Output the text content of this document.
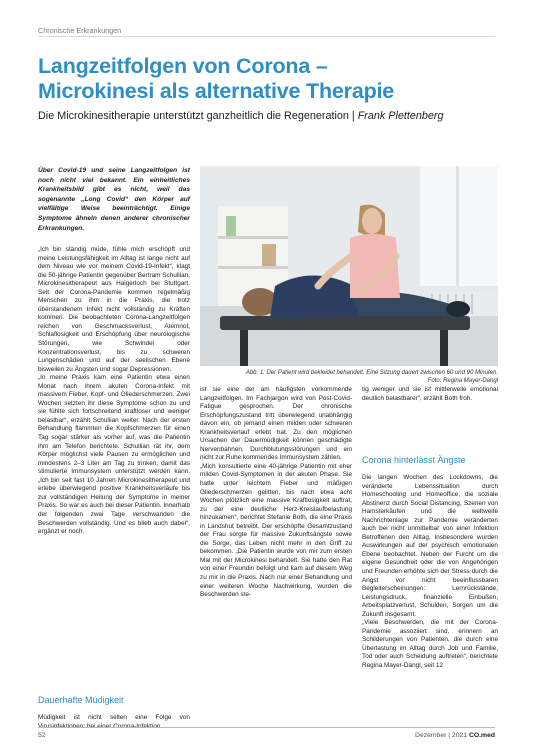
Chronische Erkrankungen
Langzeitfolgen von Corona –
Microkinesi als alternative Therapie
Die Microkinesitherapie unterstützt ganzheitlich die Regeneration | Frank Plettenberg
Über Covid-19 und seine Langzeitfolgen ist noch nicht viel bekannt. Ein einheitliches Krankheitsbild gibt es nicht, weil das sogenannte „Long Covid“ den Körper auf vielfältige Weise beeinträchtigt. Einige Symptome ähneln denen anderer chronischer Erkrankungen.

„Ich bin ständig müde, fühle mich erschöpft und meine Leistungsfähigkeit im Alltag ist lange nicht auf dem Niveau wie vor meinem Covid-19-Infekt“, klagt die 50-jährige Patientin gegenüber Bertram Schullian, Microkinesitherapeut aus Haigerloch bei Stuttgart. Seit der Corona-Pandemie kommen regelmäßig Menschen zu ihm in die Praxis, die trotz überstandenem Infekt nicht vollständig zu Kräften kommen. Die beobachteten Corona-Langzeitfolgen reichen von Geschmacksverlust, Atemnot, Schlaflosigkeit und Erschöpfung über neurologische Störungen, wie Schwindel oder Konzentrationsverlust, bis zu schweren Lungenschäden und auf der seelischen Ebene bisweilen zu Ängsten und sogar Depressionen.

„In meine Praxis kam eine Patientin etwa einen Monat nach ihrem akuten Corona-Infekt mit massivem Fieber, Kopf- und Gliederschmerzen. Zwei Wochen setzten ihr diese Symptome schon zu und sie fühlte sich fortschreitend kraftloser und weniger belastbar“, erzählt Schullian weiter. Nach der ersten Behandlung flammten die Kopfschmerzen für einen Tag sogar stärker als vorher auf, was die Patientin ihm am Telefon berichtete. Schullian rät ihr, dem Körper möglichst viele Pausen zu ermöglichen und mindestens 2–3 Liter am Tag zu trinken, damit das stimulierte Immunsystem unterstützt werden kann. „Ich bin seit fast 10 Jahren Microkinesitherapeut und erlebe überwiegend positive Krankheitsverläufe bis zur vollständigen Heilung der Symptome in meiner Praxis. So war es auch bei dieser Patientin. Innerhalb der folgenden zwei Tage verschwanden die Beschwerden vollständig. Und es blieb auch dabei“, ergänzt er noch.

Dauerhafte Müdigkeit

Müdigkeit ist nicht selten eine Folge von

Abb. 1: Der Patient wird bekleidet behandelt. Eine Sitzung dauert zwischen 60 und 90 Minuten.
Foto: Regina Mayer-Dangl

ist sie eine der am häufigsten vorkommende Langzeitfolgen. Im Fachjargon wird von Post-Covid-Fatigue gesprochen. Der chronische Erschöpfungszustand tritt überwiegend unabhängig davon ein, ob jemand einen milden oder schweren Krankheitsverlauf erlebt hat. Zu den möglichen Ursachen der Dauermüdigkeit können geschädigte Nervenbahnen, Durchblutungsstörungen und ein nicht zur Ruhe kommendes Immunsystem zählen.

„Mich konsultierte eine 40-jährige Patientin mit eher milden Covid-Symptomen in der akuten Phase. Sie hatte unter leichtem Fieber und mäßigen Gliederschmerzen gelitten, bis nach etwa acht Wochen plötzlich eine massive Kraftlosigkeit auftrat, zu der eine deutliche Herz-Kreislaufbelastung hinzukamen“, berichtet Stefanie Both, die eine Praxis in Landshut betreibt. Der erschöpfte Gesamtzustand der Frau sorgte für massive Zukunftsängste sowie die Sorge, das Leben nicht mehr in den Griff zu bekommen. „Die Patientin wurde von mir zum ersten Mal mit der Microkinesi behandelt. Sie hatte den Rat von einer Freundin befolgt und kam auf diesem Weg zu mir in die Praxis. Nach nur einer Behandlung und einer weiteren Woche Nachwirkung, wurden die Beschwerden ste-

tig weniger und sie ist mittlerweile emotional deutlich belastbarer“, erzählt Both froh.

Corona hinterlässt Ängste

Die langen Wochen des Lockdowns, die veränderte Lebenssituation durch Homeschooling und Homeoffice, die soziale Abstinenz durch Social Distancing, Szenen von Hamsterkäufen und die weltweite Nachrichtenlage zur Pandemie veränderten auch bei nicht unmittelbar von einer Infektion Betroffenen den Alltag. Insbesondere wurden Auswirkungen auf der psychisch emotionalen Ebene beobachtet. Neben der Furcht um die eigene Gesundheit oder die von Angehörigen und Freunden erhöhte sich der Stress durch die Angst vor nicht beeinflussbaren Begleiterscheinungen: Lernrückstände, Leistungsdruck, finanzielle Einbußen, Arbeitsplatzverlust, Schulden, Sorgen um die Zukunft insgesamt.

„Viele Beschwerden, die mit der Corona-Pandemie assoziiert sind, erinnern an Schilderungen von Patienten, die durch eine Überlastung im Alltag durch Job und Familie, Tod oder auch Scheidung auftreten“, berichtete Regina Mayer-Dangl, seit 12

52	Dezember | 2021 CO.med
